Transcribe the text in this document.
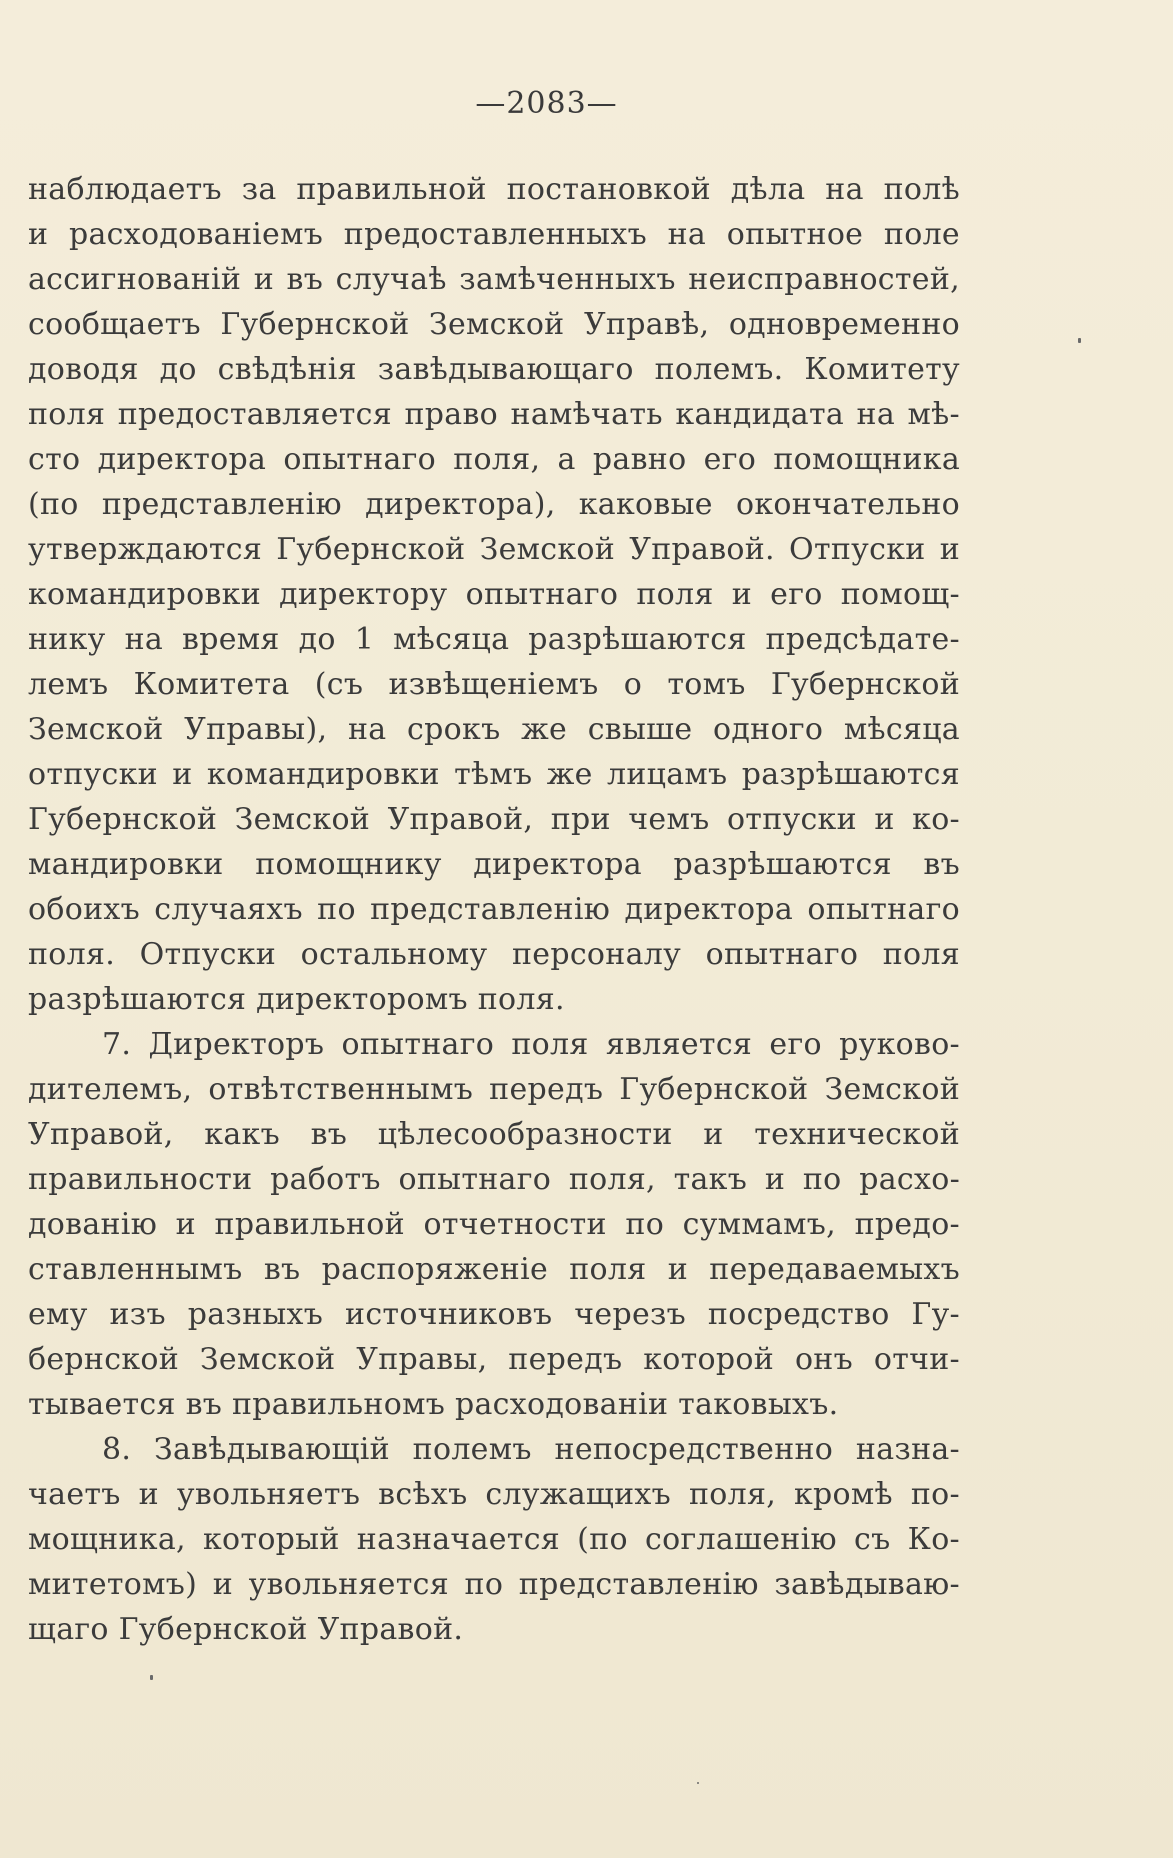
—2083—
наблюдаетъ за правильной постановкой дѣла на полѣ
и расходованіемъ предоставленныхъ на опытное поле
ассигнованій и въ случаѣ замѣченныхъ неисправностей,
сообщаетъ Губернской Земской Управѣ, одновременно
доводя до свѣдѣнія завѣдывающаго полемъ. Комитету
поля предоставляется право намѣчать кандидата на мѣ-
сто директора опытнаго поля, а равно его помощника
(по представленію директора), каковые окончательно
утверждаются Губернской Земской Управой. Отпуски и
командировки директору опытнаго поля и его помощ-
нику на время до 1 мѣсяца разрѣшаются предсѣдате-
лемъ Комитета (съ извѣщеніемъ о томъ Губернской
Земской Управы), на срокъ же свыше одного мѣсяца
отпуски и командировки тѣмъ же лицамъ разрѣшаются
Губернской Земской Управой, при чемъ отпуски и ко-
мандировки помощнику директора разрѣшаются въ
обоихъ случаяхъ по представленію директора опытнаго
поля. Отпуски остальному персоналу опытнаго поля
разрѣшаются директоромъ поля.
7. Директоръ опытнаго поля является его руково-
дителемъ, отвѣтственнымъ передъ Губернской Земской
Управой, какъ въ цѣлесообразности и технической
правильности работъ опытнаго поля, такъ и по расхо-
дованію и правильной отчетности по суммамъ, предо-
ставленнымъ въ распоряженіе поля и передаваемыхъ
ему изъ разныхъ источниковъ черезъ посредство Гу-
бернской Земской Управы, передъ которой онъ отчи-
тывается въ правильномъ расходованіи таковыхъ.
8. Завѣдывающій полемъ непосредственно назна-
чаетъ и увольняетъ всѣхъ служащихъ поля, кромѣ по-
мощника, который назначается (по соглашенію съ Ко-
митетомъ) и увольняется по представленію завѣдываю-
щаго Губернской Управой.
